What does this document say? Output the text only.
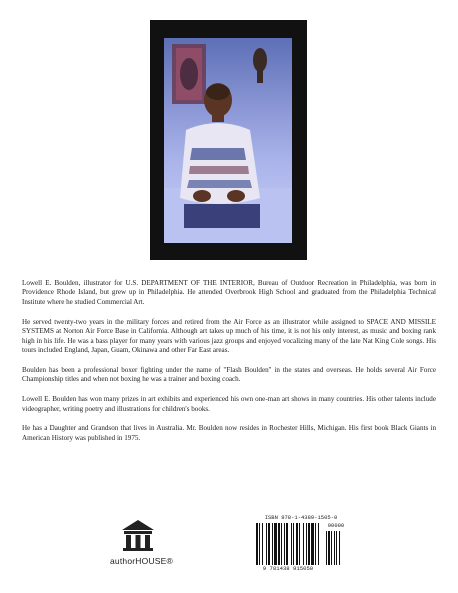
Lowell E. Boulden, illustrator for U.S. DEPARTMENT OF THE INTERIOR, Bureau of Outdoor Recreation in Philadelphia, was born in Providence Rhode Island, but grew up in Philadelphia. He attended Overbrook High School and graduated from the Philadelphia Technical Institute where he studied Commercial Art.

He served twenty-two years in the military forces and retired from the Air Force as an illustrator while assigned to SPACE AND MISSILE SYSTEMS at Norton Air Force Base in California. Although art takes up much of his time, it is not his only interest, as music and boxing rank high in his life. He was a bass player for many years with various jazz groups and enjoyed vocalizing many of the late Nat King Cole songs. His tours included England, Japan, Guam, Okinawa and other Far East areas.

Boulden has been a professional boxer fighting under the name of "Flash Boulden" in the states and overseas. He holds several Air Force Championship titles and when not boxing he was a trainer and boxing coach.

Lowell E. Boulden has won many prizes in art exhibits and experienced his own one-man art shows in many countries. His other talents include videographer, writing poetry and illustrations for children's books.

He has a Daughter and Grandson that lives in Australia. Mr. Boulden now resides in Rochester Hills, Michigan. His first book Black Giants in American History was published in 1975.

authorHOUSE®
ISBN 978-1-4389-1505-0
9 781438 915050
90000
